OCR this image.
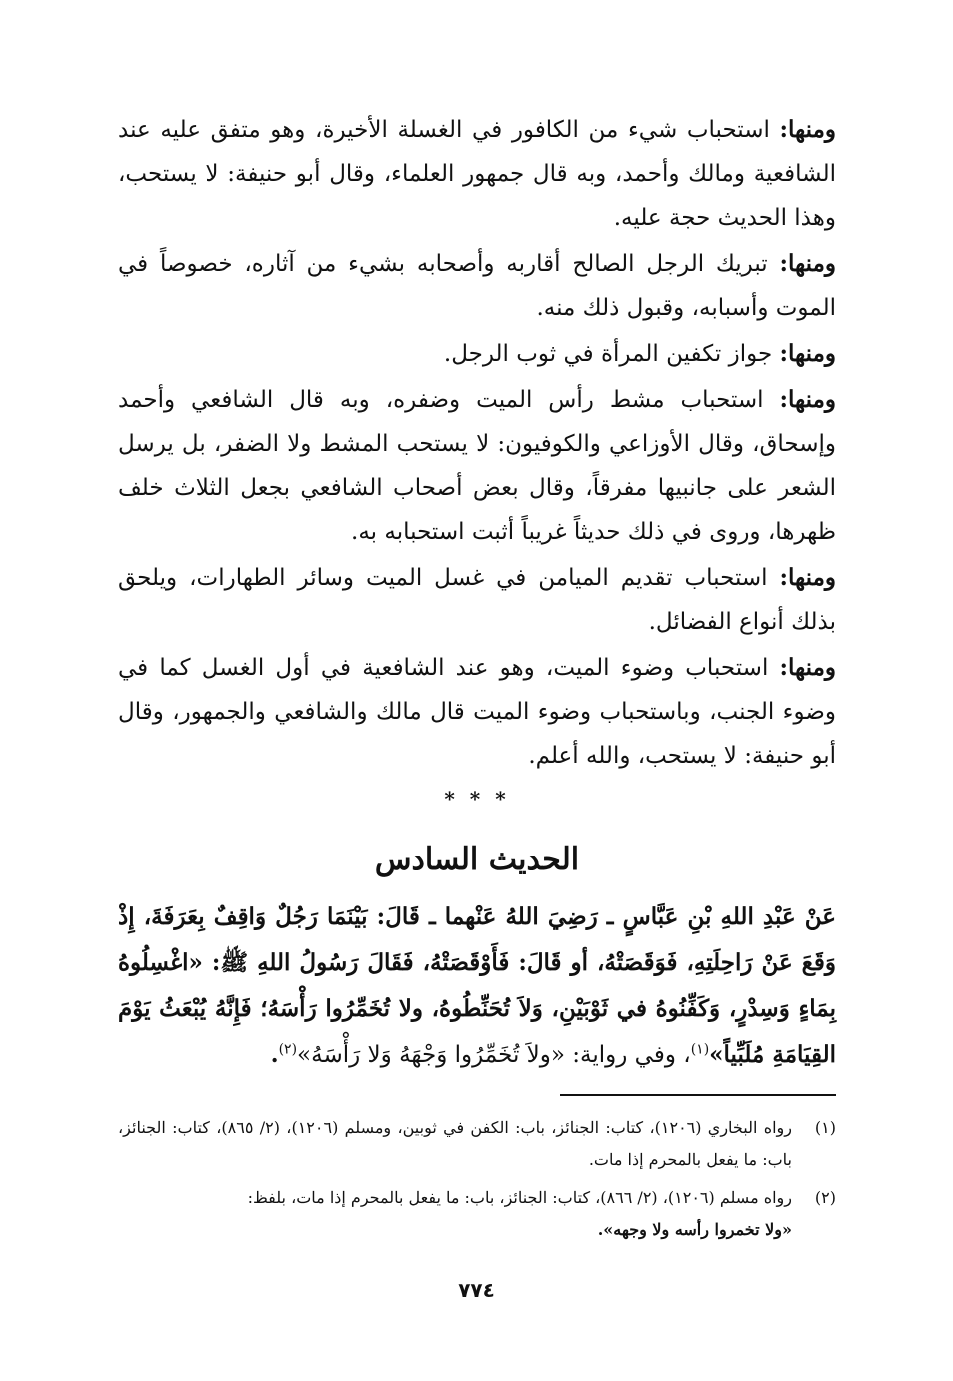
ومنها: استحباب شيء من الكافور في الغسلة الأخيرة، وهو متفق عليه عند الشافعية ومالك وأحمد، وبه قال جمهور العلماء، وقال أبو حنيفة: لا يستحب، وهذا الحديث حجة عليه.

ومنها: تبريك الرجل الصالح أقاربه وأصحابه بشيء من آثاره، خصوصاً في الموت وأسبابه، وقبول ذلك منه.

ومنها: جواز تكفين المرأة في ثوب الرجل.

ومنها: استحباب مشط رأس الميت وضفره، وبه قال الشافعي وأحمد وإسحاق، وقال الأوزاعي والكوفيون: لا يستحب المشط ولا الضفر، بل يرسل الشعر على جانبيها مفرقاً، وقال بعض أصحاب الشافعي بجعل الثلاث خلف ظهرها، وروى في ذلك حديثاً غريباً أثبت استحبابه به.

ومنها: استحباب تقديم الميامن في غسل الميت وسائر الطهارات، ويلحق بذلك أنواع الفضائل.

ومنها: استحباب وضوء الميت، وهو عند الشافعية في أول الغسل كما في وضوء الجنب، وباستحباب وضوء الميت قال مالك والشافعي والجمهور، وقال أبو حنيفة: لا يستحب، والله أعلم.

* * *
الحديث السادس

عَنْ عَبْدِ اللهِ بْنِ عَبَّاسٍ ـ رَضِيَ اللهُ عَنْهما ـ قَالَ: بَيْنَمَا رَجُلٌ وَاقِفٌ بِعَرَفَةَ، إِذْ وَقَعَ عَنْ رَاحِلَتِهِ، فَوَقَصَتْهُ، أو قَالَ: فَأَوْقَصَتْهُ، فَقَالَ رَسُولُ اللهِ ﷺ: «اغْسِلُوهُ بِمَاءٍ وَسِدْرٍ، وَكَفِّنُوهُ في ثَوْبَيْنِ، وَلاَ تُحَنِّطُوهُ، ولا تُخَمِّرُوا رَأْسَهُ؛ فَإِنَّهُ يُبْعَثُ يَوْمَ القِيَامَةِ مُلَبِّياً»$^{(١)}$، وفي رواية: «ولاَ تُخَمِّرُوا وَجْهَهُ وَلا رَأْسَهُ»$^{(٢)}$.

(١)
رواه البخاري (١٢٠٦)، كتاب: الجنائز، باب: الكفن في ثوبين، ومسلم (١٢٠٦)، (٢/ ٨٦٥)، كتاب: الجنائز، باب: ما يفعل بالمحرم إذا مات.
(٢)
رواه مسلم (١٢٠٦)، (٢/ ٨٦٦)، كتاب: الجنائز، باب: ما يفعل بالمحرم إذا مات، بلفظ:
«ولا تخمروا رأسه ولا وجهه».
٧٧٤
